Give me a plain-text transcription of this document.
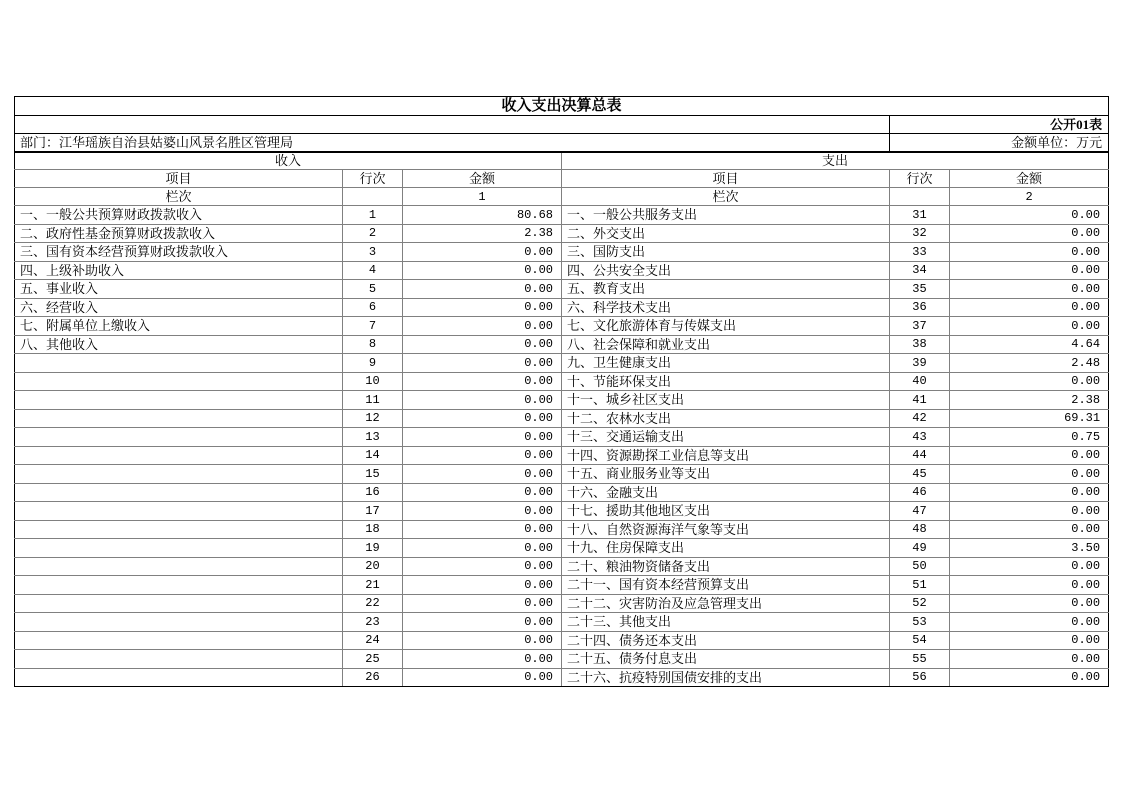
收入支出决算总表					
				公开01表	
部门：江华瑶族自治县姑婆山风景名胜区管理局				金额单位：万元	
收入			支出		
项目	行次	金额	项目	行次	金额
栏次		1	栏次		2
一、一般公共预算财政拨款收入	1	80.68	一、一般公共服务支出	31	0.00
二、政府性基金预算财政拨款收入	2	2.38	二、外交支出	32	0.00
三、国有资本经营预算财政拨款收入	3	0.00	三、国防支出	33	0.00
四、上级补助收入	4	0.00	四、公共安全支出	34	0.00
五、事业收入	5	0.00	五、教育支出	35	0.00
六、经营收入	6	0.00	六、科学技术支出	36	0.00
七、附属单位上缴收入	7	0.00	七、文化旅游体育与传媒支出	37	0.00
八、其他收入	8	0.00	八、社会保障和就业支出	38	4.64
	9	0.00	九、卫生健康支出	39	2.48
	10	0.00	十、节能环保支出	40	0.00
	11	0.00	十一、城乡社区支出	41	2.38
	12	0.00	十二、农林水支出	42	69.31
	13	0.00	十三、交通运输支出	43	0.75
	14	0.00	十四、资源勘探工业信息等支出	44	0.00
	15	0.00	十五、商业服务业等支出	45	0.00
	16	0.00	十六、金融支出	46	0.00
	17	0.00	十七、援助其他地区支出	47	0.00
	18	0.00	十八、自然资源海洋气象等支出	48	0.00
	19	0.00	十九、住房保障支出	49	3.50
	20	0.00	二十、粮油物资储备支出	50	0.00
	21	0.00	二十一、国有资本经营预算支出	51	0.00
	22	0.00	二十二、灾害防治及应急管理支出	52	0.00
	23	0.00	二十三、其他支出	53	0.00
	24	0.00	二十四、债务还本支出	54	0.00
	25	0.00	二十五、债务付息支出	55	0.00
	26	0.00	二十六、抗疫特别国债安排的支出	56	0.00
